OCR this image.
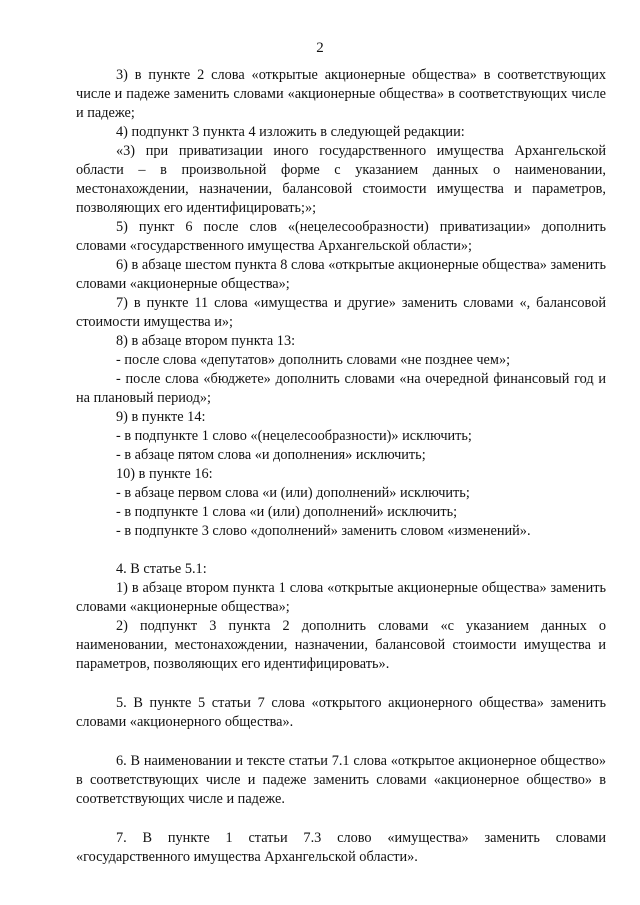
2

3) в пункте 2 слова «открытые акционерные общества» в соответствующих числе и падеже заменить словами «акционерные общества» в соответствующих числе и падеже;

4) подпункт 3 пункта 4 изложить в следующей редакции:

«3) при приватизации иного государственного имущества Архангельской области – в произвольной форме с указанием данных о наименовании, местонахождении, назначении, балансовой стоимости имущества и параметров, позволяющих его идентифицировать;»;

5) пункт 6 после слов «(нецелесообразности) приватизации» дополнить словами «государственного имущества Архангельской области»;

6) в абзаце шестом пункта 8 слова «открытые акционерные общества» заменить словами «акционерные общества»;

7) в пункте 11 слова «имущества и другие» заменить словами «, балансовой стоимости имущества и»;

8) в абзаце втором пункта 13:

- после слова «депутатов» дополнить словами «не позднее чем»;

- после слова «бюджете» дополнить словами «на очередной финансовый год и на плановый период»;

9) в пункте 14:

- в подпункте 1 слово «(нецелесообразности)» исключить;

- в абзаце пятом слова «и дополнения» исключить;

10) в пункте 16:

- в абзаце первом слова «и (или) дополнений» исключить;

- в подпункте 1 слова «и (или) дополнений» исключить;

- в подпункте 3 слово «дополнений» заменить словом «изменений».

4. В статье 5.1:

1) в абзаце втором пункта 1 слова «открытые акционерные общества» заменить словами «акционерные общества»;

2) подпункт 3 пункта 2 дополнить словами «с указанием данных о наименовании, местонахождении, назначении, балансовой стоимости имущества и параметров, позволяющих его идентифицировать».

5. В пункте 5 статьи 7 слова «открытого акционерного общества» заменить словами «акционерного общества».

6. В наименовании и тексте статьи 7.1 слова «открытое акционерное общество» в соответствующих числе и падеже заменить словами «акционерное общество» в соответствующих числе и падеже.

7. В пункте 1 статьи 7.3 слово «имущества» заменить словами «государственного имущества Архангельской области».
